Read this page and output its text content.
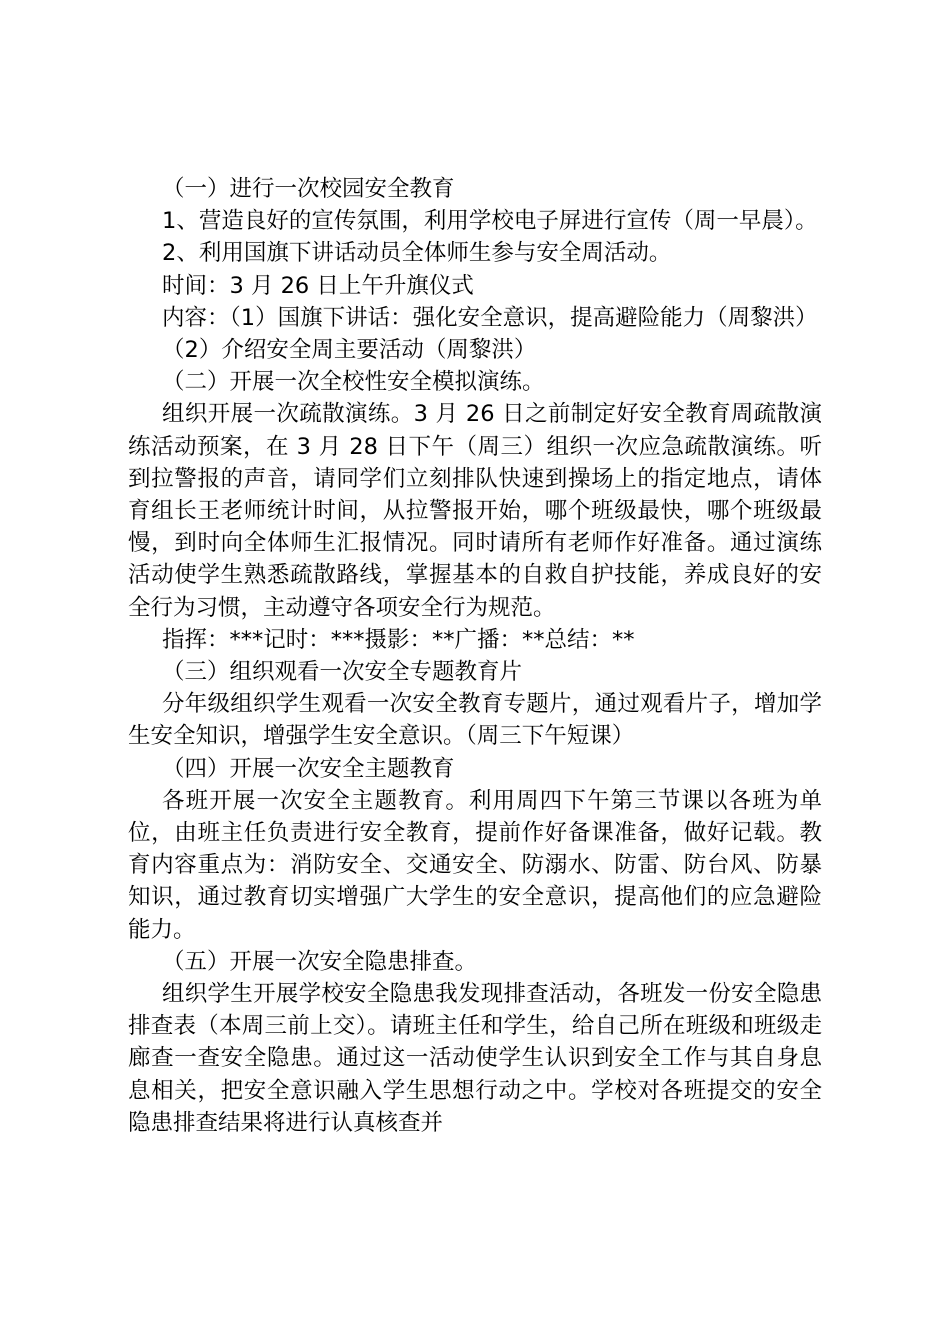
（一）进行一次校园安全教育

1、营造良好的宣传氛围，利用学校电子屏进行宣传（周一早晨）。

2、利用国旗下讲话动员全体师生参与安全周活动。

时间：3 月 26 日上午升旗仪式

内容：（1）国旗下讲话：强化安全意识，提高避险能力（周黎洪）

（2）介绍安全周主要活动（周黎洪）

（二）开展一次全校性安全模拟演练。

组织开展一次疏散演练。3 月 26 日之前制定好安全教育周疏散演练活动预案，在 3 月 28 日下午（周三）组织一次应急疏散演练。听到拉警报的声音，请同学们立刻排队快速到操场上的指定地点，请体育组长王老师统计时间，从拉警报开始，哪个班级最快，哪个班级最慢，到时向全体师生汇报情况。同时请所有老师作好准备。通过演练活动使学生熟悉疏散路线，掌握基本的自救自护技能，养成良好的安全行为习惯，主动遵守各项安全行为规范。

指挥：***记时：***摄影：**广播：**总结：**

（三）组织观看一次安全专题教育片

分年级组织学生观看一次安全教育专题片，通过观看片子，增加学生安全知识，增强学生安全意识。（周三下午短课）

（四）开展一次安全主题教育

各班开展一次安全主题教育。利用周四下午第三节课以各班为单位，由班主任负责进行安全教育，提前作好备课准备，做好记载。教育内容重点为：消防安全、交通安全、防溺水、防雷、防台风、防暴知识，通过教育切实增强广大学生的安全意识，提高他们的应急避险能力。

（五）开展一次安全隐患排查。

组织学生开展学校安全隐患我发现排查活动，各班发一份安全隐患排查表（本周三前上交）。请班主任和学生，给自己所在班级和班级走廊查一查安全隐患。通过这一活动使学生认识到安全工作与其自身息息相关，把安全意识融入学生思想行动之中。学校对各班提交的安全隐患排查结果将进行认真核查并
